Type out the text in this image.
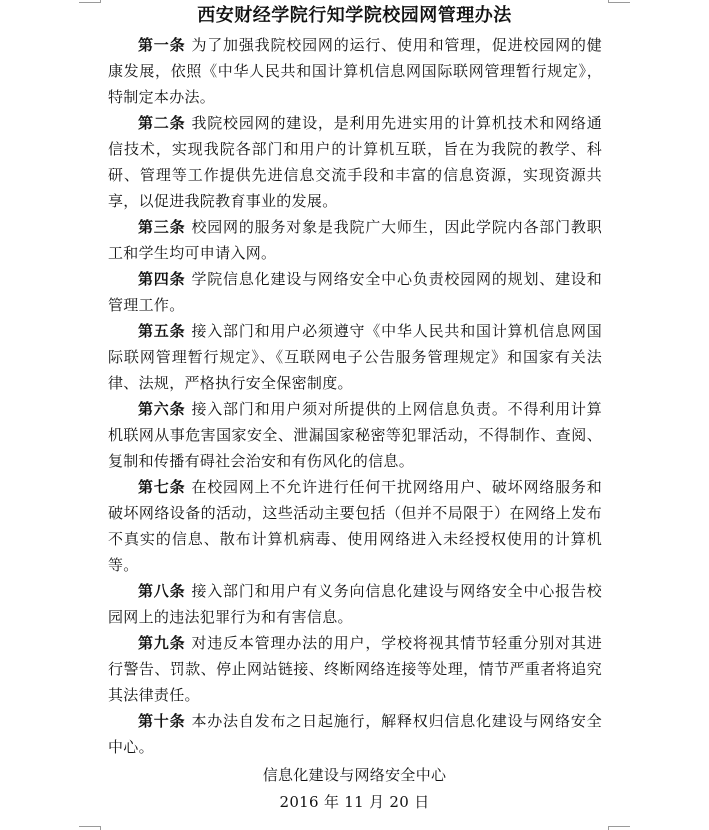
西安财经学院行知学院校园网管理办法

第一条 为了加强我院校园网的运行、使用和管理，促进校园网的健康发展，依照《中华人民共和国计算机信息网国际联网管理暂行规定》，特制定本办法。

第二条 我院校园网的建设，是利用先进实用的计算机技术和网络通信技术，实现我院各部门和用户的计算机互联，旨在为我院的教学、科研、管理等工作提供先进信息交流手段和丰富的信息资源，实现资源共享，以促进我院教育事业的发展。

第三条 校园网的服务对象是我院广大师生，因此学院内各部门教职工和学生均可申请入网。

第四条 学院信息化建设与网络安全中心负责校园网的规划、建设和管理工作。

第五条 接入部门和用户必须遵守《中华人民共和国计算机信息网国际联网管理暂行规定》、《互联网电子公告服务管理规定》和国家有关法律、法规，严格执行安全保密制度。

第六条 接入部门和用户须对所提供的上网信息负责。不得利用计算机联网从事危害国家安全、泄漏国家秘密等犯罪活动，不得制作、查阅、复制和传播有碍社会治安和有伤风化的信息。

第七条 在校园网上不允许进行任何干扰网络用户、破坏网络服务和破坏网络设备的活动，这些活动主要包括（但并不局限于）在网络上发布不真实的信息、散布计算机病毒、使用网络进入未经授权使用的计算机等。

第八条 接入部门和用户有义务向信息化建设与网络安全中心报告校园网上的违法犯罪行为和有害信息。

第九条 对违反本管理办法的用户，学校将视其情节轻重分别对其进行警告、罚款、停止网站链接、终断网络连接等处理，情节严重者将追究其法律责任。

第十条 本办法自发布之日起施行，解释权归信息化建设与网络安全中心。

信息化建设与网络安全中心
2016 年 11 月 20 日
